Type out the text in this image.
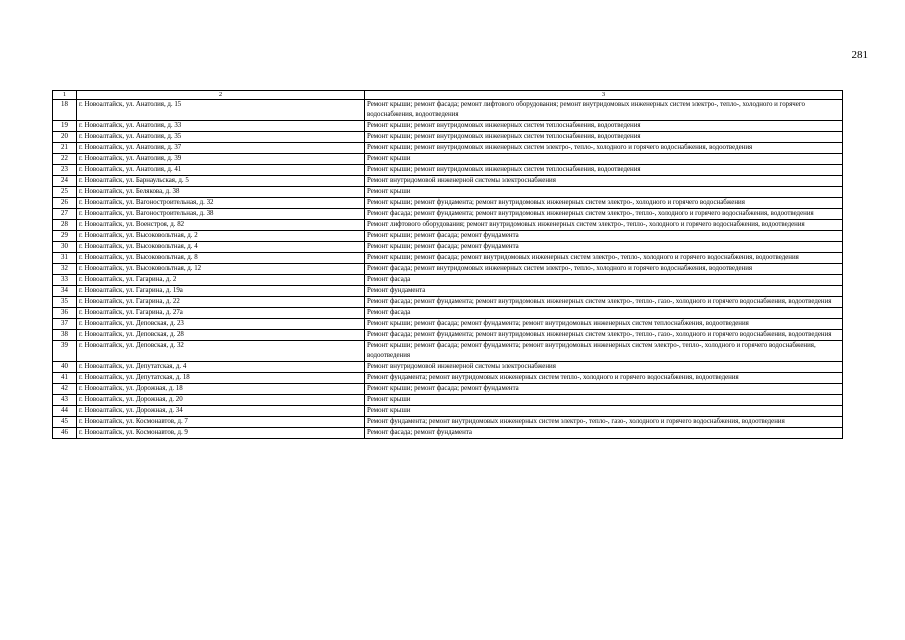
281
1	2	3
18	г. Новоалтайск, ул. Анатолия, д. 15	Ремонт крыши; ремонт фасада; ремонт лифтового оборудования; ремонт внутридомовых инженерных систем электро-, тепло-, холодного и горячего водоснабжения, водоотведения
19	г. Новоалтайск, ул. Анатолия, д. 33	Ремонт крыши; ремонт внутридомовых инженерных систем теплоснабжения, водоотведения
20	г. Новоалтайск, ул. Анатолия, д. 35	Ремонт крыши; ремонт внутридомовых инженерных систем теплоснабжения, водоотведения
21	г. Новоалтайск, ул. Анатолия, д. 37	Ремонт крыши; ремонт внутридомовых инженерных систем электро-, тепло-, холодного и горячего водоснабжения, водоотведения
22	г. Новоалтайск, ул. Анатолия, д. 39	Ремонт крыши
23	г. Новоалтайск, ул. Анатолия, д. 41	Ремонт крыши; ремонт внутридомовых инженерных систем теплоснабжения, водоотведения
24	г. Новоалтайск, ул. Барнаульская, д. 5	Ремонт внутридомовой инженерной системы электроснабжения
25	г. Новоалтайск, ул. Белякова, д. 38	Ремонт крыши
26	г. Новоалтайск, ул. Вагоностроительная, д. 32	Ремонт крыши; ремонт фундамента; ремонт внутридомовых инженерных систем электро-, холодного и горячего водоснабжения
27	г. Новоалтайск, ул. Вагоностроительная, д. 38	Ремонт фасада; ремонт фундамента; ремонт внутридомовых инженерных систем электро-, тепло-, холодного и горячего водоснабжения, водоотведения
28	г. Новоалтайск, ул. Военстроя, д. 82	Ремонт лифтового оборудования; ремонт внутридомовых инженерных систем электро-, тепло-, холодного и горячего водоснабжения, водоотведения
29	г. Новоалтайск, ул. Высоковольтная, д. 2	Ремонт крыши; ремонт фасада; ремонт фундамента
30	г. Новоалтайск, ул. Высоковольтная, д. 4	Ремонт крыши; ремонт фасада; ремонт фундамента
31	г. Новоалтайск, ул. Высоковольтная, д. 8	Ремонт крыши; ремонт фасада; ремонт внутридомовых инженерных систем электро-, тепло-, холодного и горячего водоснабжения, водоотведения
32	г. Новоалтайск, ул. Высоковольтная, д. 12	Ремонт фасада; ремонт внутридомовых инженерных систем электро-, тепло-, холодного и горячего водоснабжения, водоотведения
33	г. Новоалтайск, ул. Гагарина, д. 2	Ремонт фасада
34	г. Новоалтайск, ул. Гагарина, д. 19а	Ремонт фундамента
35	г. Новоалтайск, ул. Гагарина, д. 22	Ремонт фасада; ремонт фундамента; ремонт внутридомовых инженерных систем электро-, тепло-, газо-, холодного и горячего водоснабжения, водоотведения
36	г. Новоалтайск, ул. Гагарина, д. 27а	Ремонт фасада
37	г. Новоалтайск, ул. Деповская, д. 23	Ремонт крыши; ремонт фасада; ремонт фундамента; ремонт внутридомовых инженерных систем теплоснабжения, водоотведения
38	г. Новоалтайск, ул. Деповская, д. 28	Ремонт фасада; ремонт фундамента; ремонт внутридомовых инженерных систем электро-, тепло-, газо-, холодного и горячего водоснабжения, водоотведения
39	г. Новоалтайск, ул. Деповская, д. 32	Ремонт крыши; ремонт фасада; ремонт фундамента; ремонт внутридомовых инженерных систем электро-, тепло-, холодного и горячего водоснабжения, водоотведения
40	г. Новоалтайск, ул. Депутатская, д. 4	Ремонт внутридомовой инженерной системы электроснабжения
41	г. Новоалтайск, ул. Депутатская, д. 18	Ремонт фундамента; ремонт внутридомовых инженерных систем тепло-, холодного и горячего водоснабжения, водоотведения
42	г. Новоалтайск, ул. Дорожная, д. 18	Ремонт крыши; ремонт фасада; ремонт фундамента
43	г. Новоалтайск, ул. Дорожная, д. 20	Ремонт крыши
44	г. Новоалтайск, ул. Дорожная, д. 34	Ремонт крыши
45	г. Новоалтайск, ул. Космонавтов, д. 7	Ремонт фундамента; ремонт внутридомовых инженерных систем электро-, тепло-, газо-, холодного и горячего водоснабжения, водоотведения
46	г. Новоалтайск, ул. Космонавтов, д. 9	Ремонт фасада; ремонт фундамента
